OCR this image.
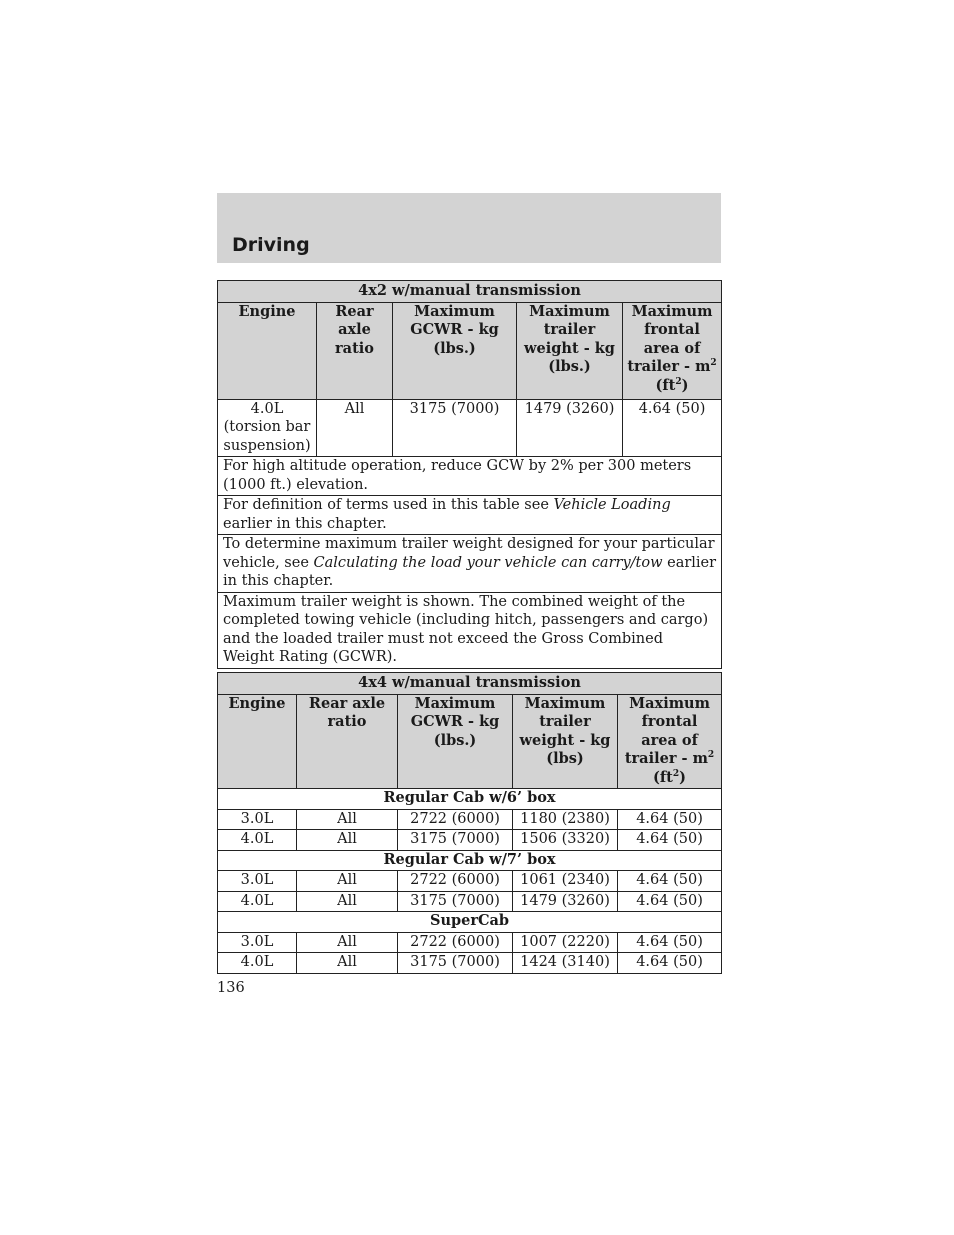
Driving
4x2 w/manual transmission				
Engine	Rear axle ratio	Maximum GCWR - kg (lbs.)	Maximum trailer weight - kg (lbs.)	Maximum frontal area of trailer - $m^2$ $(ft^2)$
4.0L (torsion bar suspension)	All	3175 (7000)	1479 (3260)	4.64 (50)
For high altitude operation, reduce GCW by 2% per 300 meters (1000 ft.) elevation.				
For definition of terms used in this table see Vehicle Loading earlier in this chapter.				
To determine maximum trailer weight designed for your particular vehicle, see Calculating the load your vehicle can carry/tow earlier in this chapter.				
Maximum trailer weight is shown. The combined weight of the completed towing vehicle (including hitch, passengers and cargo) and the loaded trailer must not exceed the Gross Combined Weight Rating (GCWR).				
4x4 w/manual transmission				
Engine	Rear axle ratio	Maximum GCWR - kg (lbs.)	Maximum trailer weight - kg (lbs)	Maximum frontal area of trailer - $m^2$ $(ft^2)$
Regular Cab w/6’ box				
3.0L	All	2722 (6000)	1180 (2380)	4.64 (50)
4.0L	All	3175 (7000)	1506 (3320)	4.64 (50)
Regular Cab w/7’ box				
3.0L	All	2722 (6000)	1061 (2340)	4.64 (50)
4.0L	All	3175 (7000)	1479 (3260)	4.64 (50)
SuperCab				
3.0L	All	2722 (6000)	1007 (2220)	4.64 (50)
4.0L	All	3175 (7000)	1424 (3140)	4.64 (50)
136
